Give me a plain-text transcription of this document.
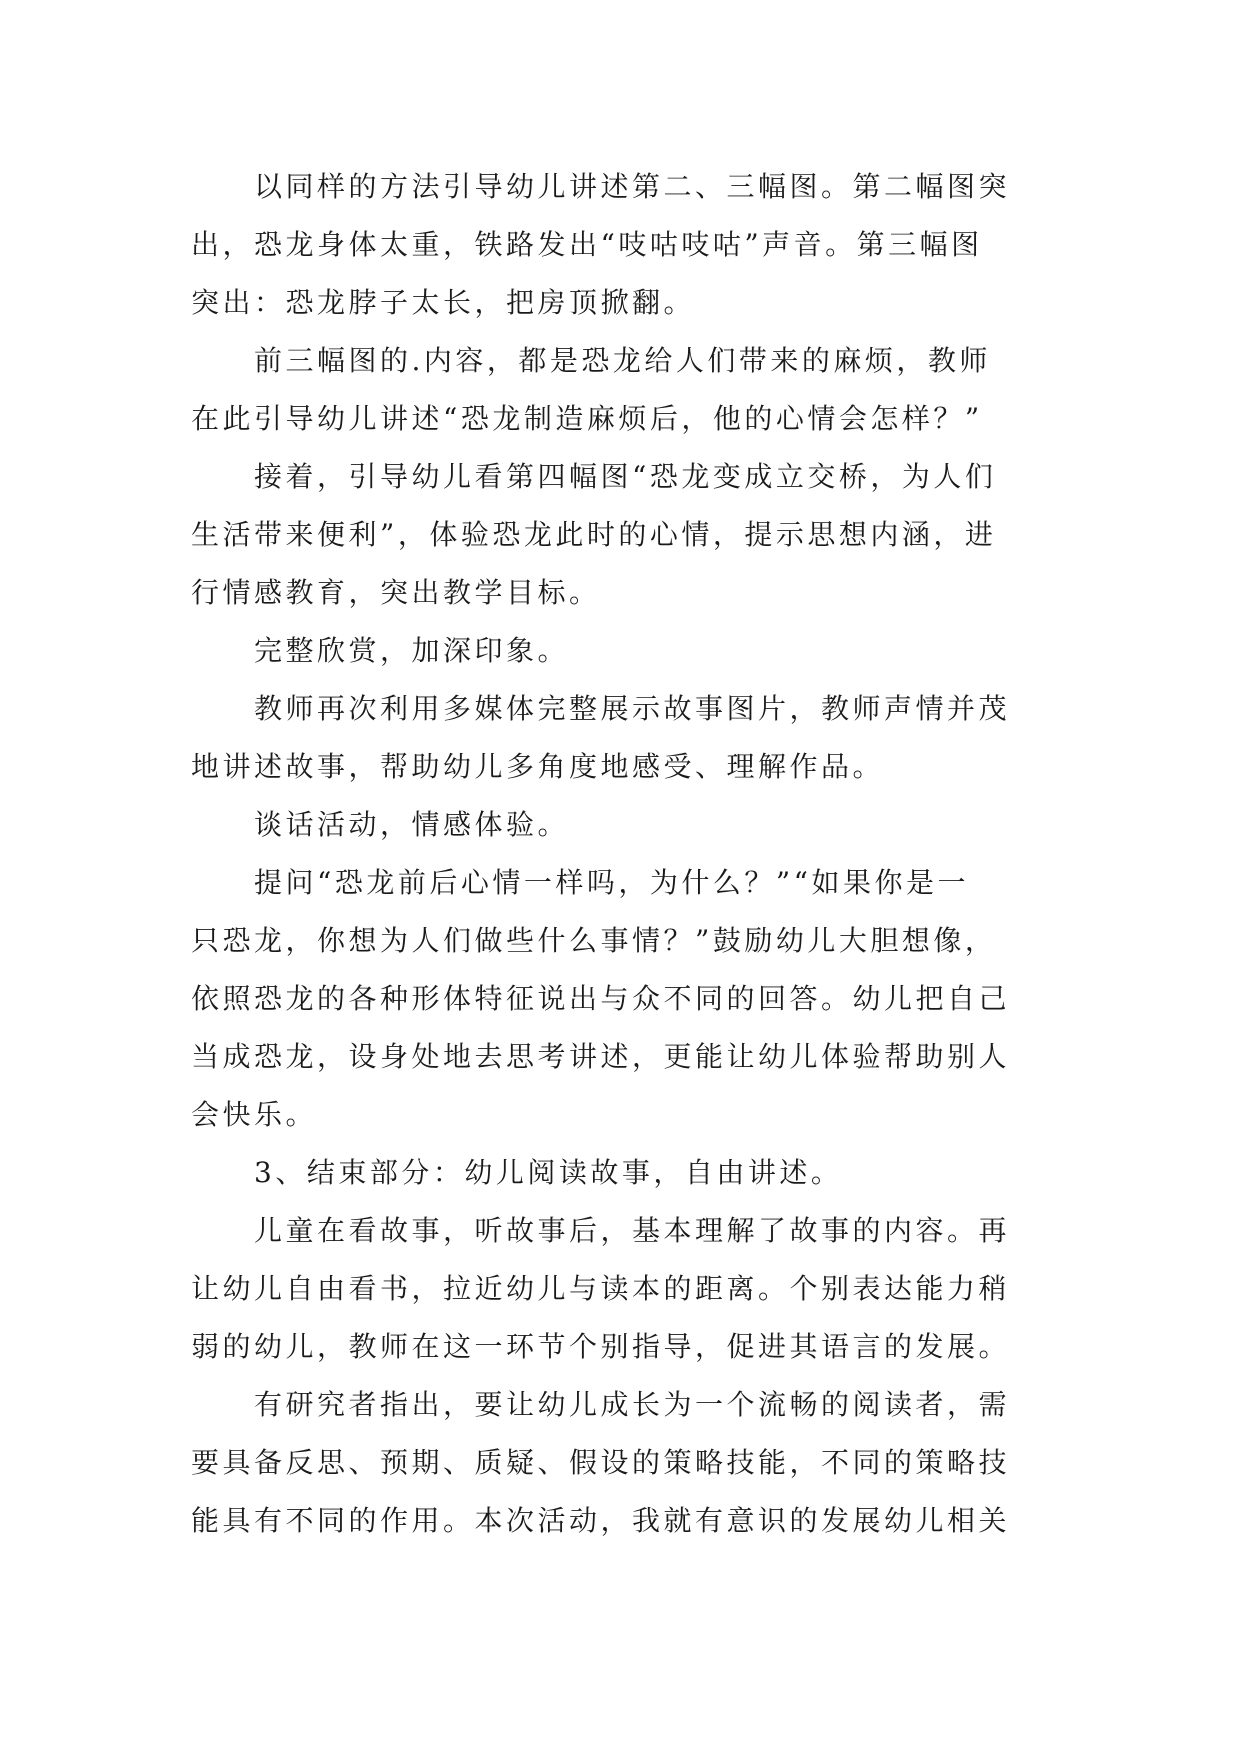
以同样的方法引导幼儿讲述第二、三幅图。第二幅图突
出，恐龙身体太重，铁路发出“吱咕吱咕”声音。第三幅图
突出：恐龙脖子太长，把房顶掀翻。
前三幅图的.内容，都是恐龙给人们带来的麻烦，教师
在此引导幼儿讲述“恐龙制造麻烦后，他的心情会怎样？”
接着，引导幼儿看第四幅图“恐龙变成立交桥，为人们
生活带来便利”，体验恐龙此时的心情，提示思想内涵，进
行情感教育，突出教学目标。
完整欣赏，加深印象。
教师再次利用多媒体完整展示故事图片，教师声情并茂
地讲述故事，帮助幼儿多角度地感受、理解作品。
谈话活动，情感体验。
提问“恐龙前后心情一样吗，为什么？”“如果你是一
只恐龙，你想为人们做些什么事情？”鼓励幼儿大胆想像，
依照恐龙的各种形体特征说出与众不同的回答。幼儿把自己
当成恐龙，设身处地去思考讲述，更能让幼儿体验帮助别人
会快乐。
3、结束部分：幼儿阅读故事，自由讲述。
儿童在看故事，听故事后，基本理解了故事的内容。再
让幼儿自由看书，拉近幼儿与读本的距离。个别表达能力稍
弱的幼儿，教师在这一环节个别指导，促进其语言的发展。
有研究者指出，要让幼儿成长为一个流畅的阅读者，需
要具备反思、预期、质疑、假设的策略技能，不同的策略技
能具有不同的作用。本次活动，我就有意识的发展幼儿相关
